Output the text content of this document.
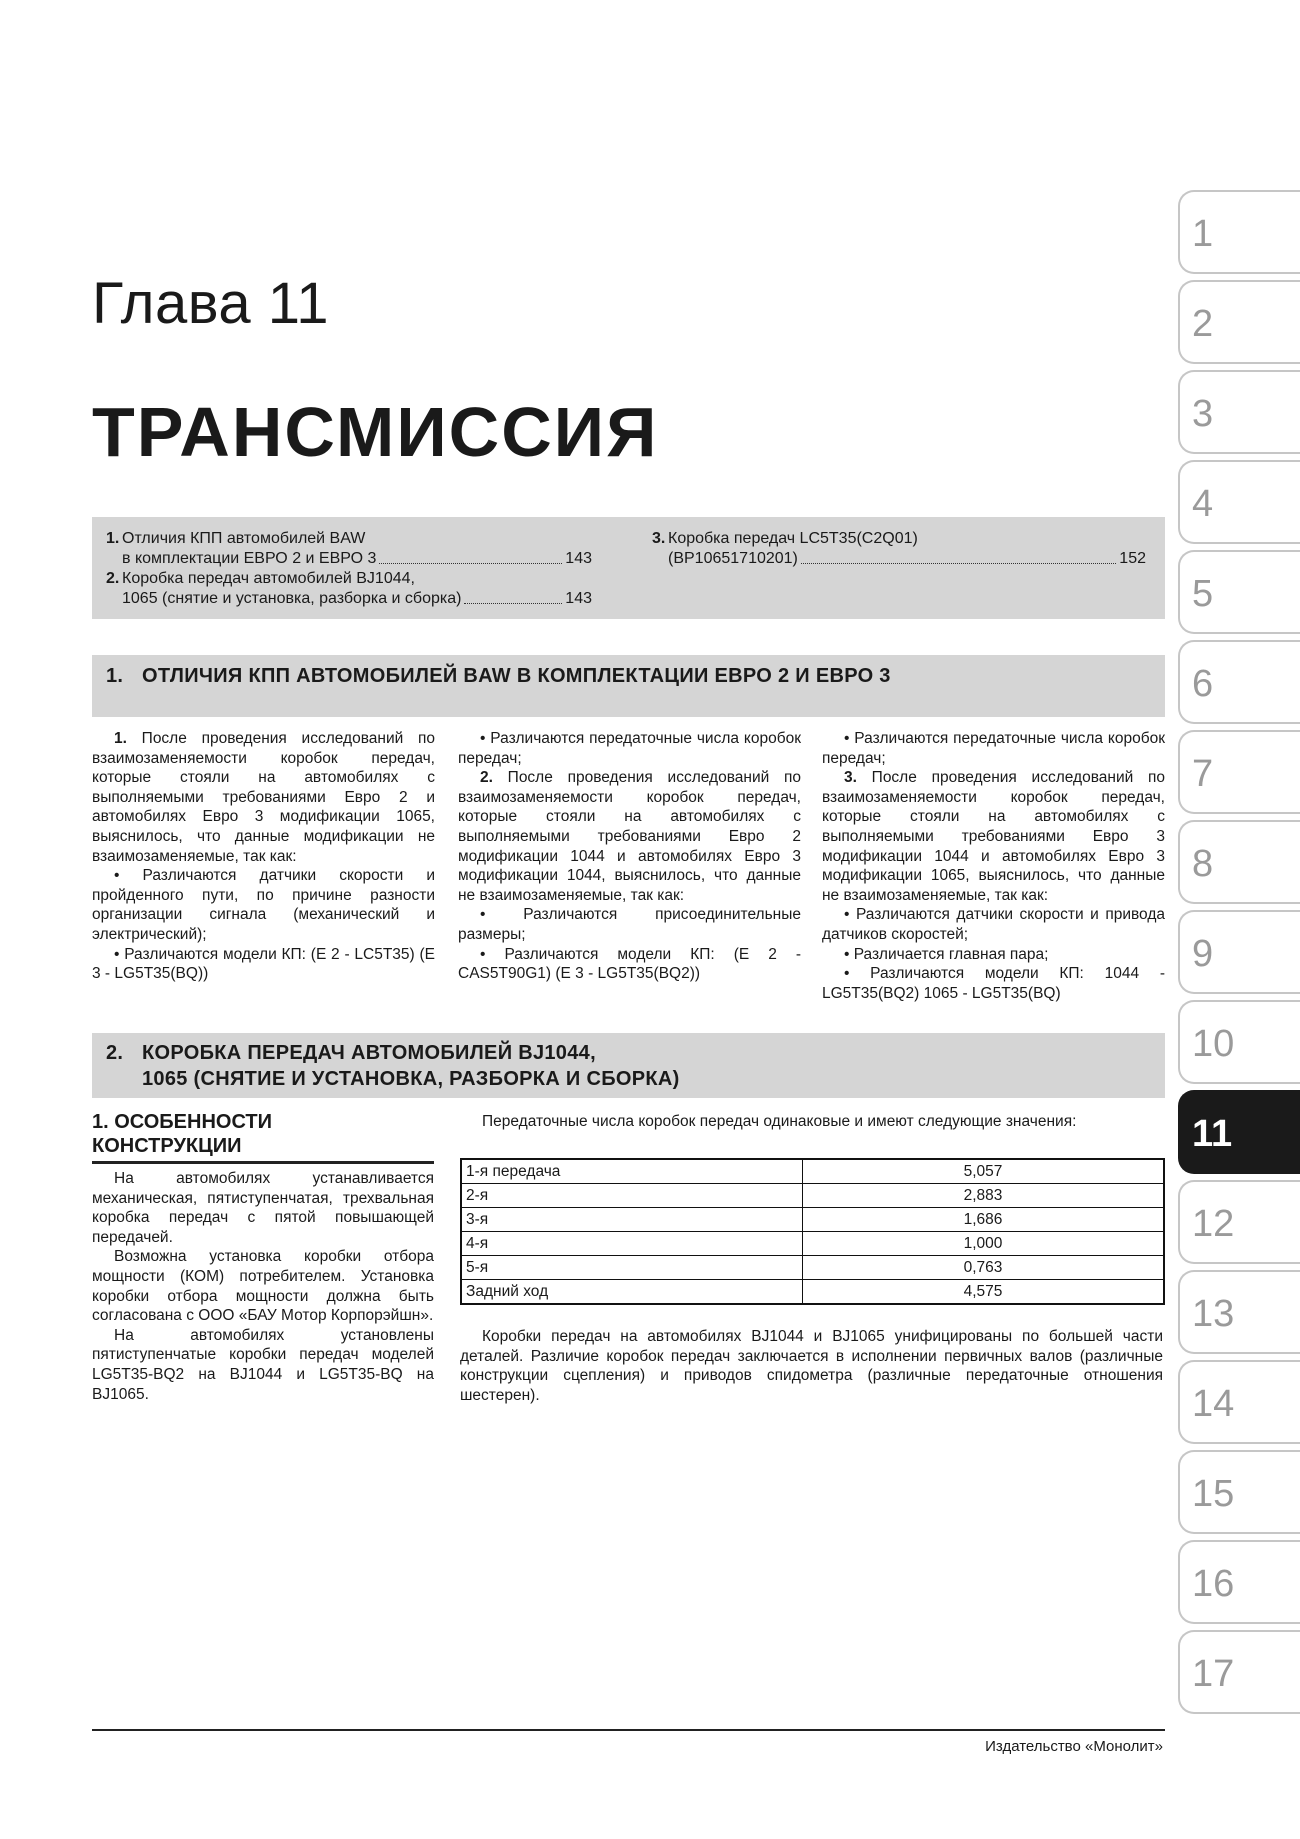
Глава 11
ТРАНСМИССИЯ
1. Отличия КПП автомобилей BAW
в комплектации ЕВРО 2 и ЕВРО 3	143
2. Коробка передач автомобилей BJ1044,
1065 (снятие и установка, разборка и сборка)	143
3. Коробка передач LC5T35(C2Q01)
(BP10651710201)	152
1. ОТЛИЧИЯ КПП АВТОМОБИЛЕЙ BAW В КОМПЛЕКТАЦИИ ЕВРО 2 И ЕВРО 3

1. После проведения исследований по взаимозаменяемости коробок передач, которые стояли на автомобилях с выполняемыми требованиями Евро 2 и автомобилях Евро 3 модификации 1065, выяснилось, что данные модификации не взаимозаменяемые, так как:

• Различаются датчики скорости и пройденного пути, по причине разности организации сигнала (механический и электрический);

• Различаются модели КП: (Е 2 - LC5T35) (Е 3 - LG5T35(BQ))

• Различаются передаточные числа коробок передач;

2. После проведения исследований по взаимозаменяемости коробок передач, которые стояли на автомобилях с выполняемыми требованиями Евро 2 модификации 1044 и автомобилях Евро 3 модификации 1044, выяснилось, что данные не взаимозаменяемые, так как:

• Различаются присоединительные размеры;

• Различаются модели КП: (Е 2 - CAS5T90G1) (Е 3 - LG5T35(BQ2))

• Различаются передаточные числа коробок передач;

3. После проведения исследований по взаимозаменяемости коробок передач, которые стояли на автомобилях с выполняемыми требованиями Евро 3 модификации 1044 и автомобилях Евро 3 модификации 1065, выяснилось, что данные не взаимозаменяемые, так как:

• Различаются датчики скорости и привода датчиков скоростей;

• Различается главная пара;

• Различаются модели КП: 1044 - LG5T35(BQ2) 1065 - LG5T35(BQ)

2. КОРОБКА ПЕРЕДАЧ АВТОМОБИЛЕЙ BJ1044,
1065 (СНЯТИЕ И УСТАНОВКА, РАЗБОРКА И СБОРКА)
1. ОСОБЕННОСТИ
КОНСТРУКЦИИ

На автомобилях устанавливается механическая, пятиступенчатая, трехвальная коробка передач с пятой повышающей передачей.

Возможна установка коробки отбора мощности (КОМ) потребителем. Установка коробки отбора мощности должна быть согласована с ООО «БАУ Мотор Корпорэйшн».

На автомобилях установлены пятиступенчатые коробки передач моделей LG5T35-BQ2 на BJ1044 и LG5T35-BQ на BJ1065.

Передаточные числа коробок передач одинаковые и имеют следующие значения:
1-я передача	5,057
2-я	2,883
3-я	1,686
4-я	1,000
5-я	0,763
Задний ход	4,575
Коробки передач на автомобилях BJ1044 и BJ1065 унифицированы по большей части деталей. Различие коробок передач заключается в исполнении первичных валов (различные конструкции сцепления) и приводов спидометра (различные передаточные отношения шестерен).
Издательство «Монолит»
1
2
3
4
5
6
7
8
9
10
11
12
13
14
15
16
17
